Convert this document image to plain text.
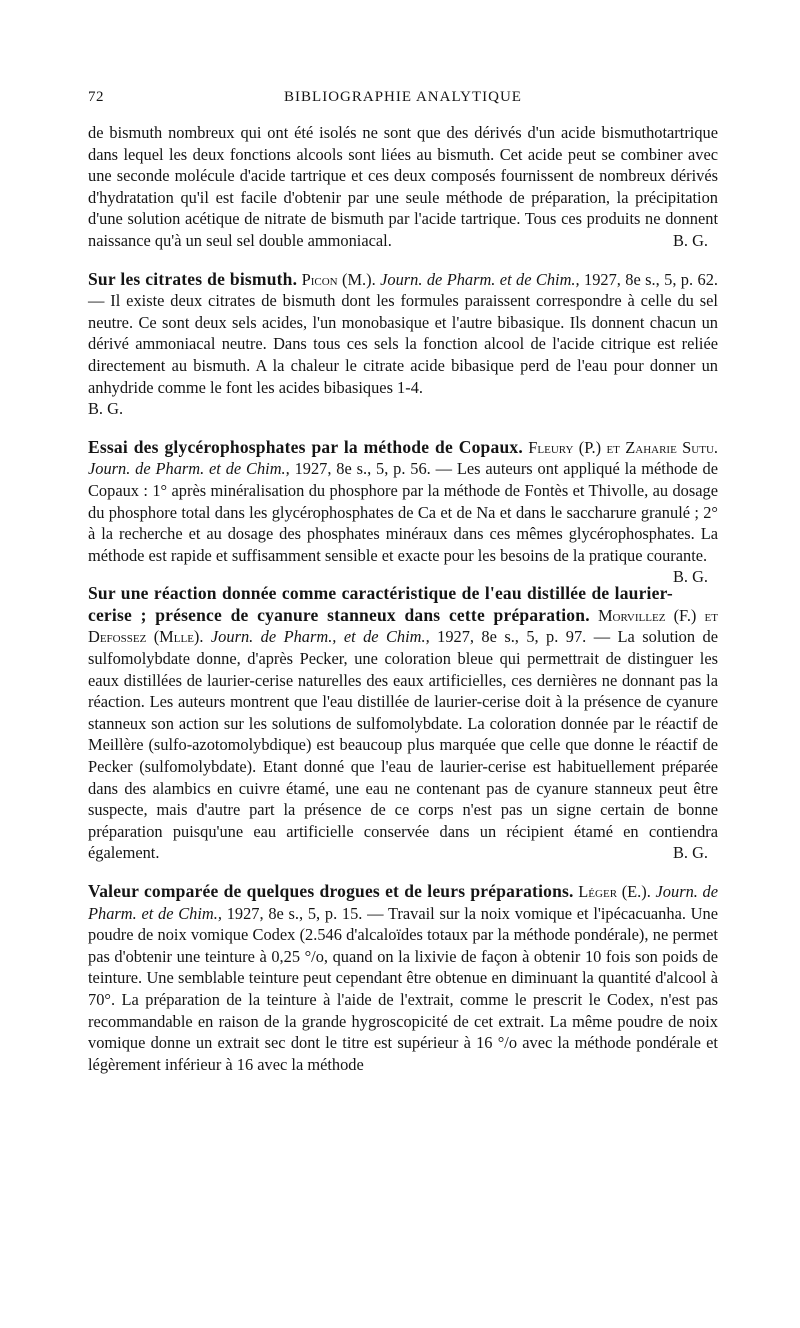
72	BIBLIOGRAPHIE ANALYTIQUE

de bismuth nombreux qui ont été isolés ne sont que des dérivés d'un acide bismuthotartrique dans lequel les deux fonctions alcools sont liées au bismuth. Cet acide peut se combiner avec une seconde molécule d'acide tartrique et ces deux composés fournissent de nombreux dérivés d'hydratation qu'il est facile d'obtenir par une seule méthode de préparation, la précipitation d'une solution acétique de nitrate de bismuth par l'acide tartrique. Tous ces produits ne donnent naissance qu'à un seul sel double ammoniacal.	B. G.

Sur les citrates de bismuth. Picon (M.). Journ. de Pharm. et de Chim., 1927, 8e s., 5, p. 62. — Il existe deux citrates de bismuth dont les formules paraissent correspondre à celle du sel neutre. Ce sont deux sels acides, l'un monobasique et l'autre bibasique. Ils donnent chacun un dérivé ammoniacal neutre. Dans tous ces sels la fonction alcool de l'acide citrique est reliée directement au bismuth. A la chaleur le citrate acide bibasique perd de l'eau pour donner un anhydride comme le font les acides bibasiques 1-4.

B. G.

Essai des glycérophosphates par la méthode de Copaux. Fleury (P.) et Zaharie Sutu. Journ. de Pharm. et de Chim., 1927, 8e s., 5, p. 56. — Les auteurs ont appliqué la méthode de Copaux : 1° après minéralisation du phosphore par la méthode de Fontès et Thivolle, au dosage du phosphore total dans les glycérophosphates de Ca et de Na et dans le saccharure granulé ; 2° à la recherche et au dosage des phosphates minéraux dans ces mêmes glycérophosphates. La méthode est rapide et suffisamment sensible et exacte pour les besoins de la pratique courante.
B. G.

Sur une réaction donnée comme caractéristique de l'eau distillée de laurier-cerise ; présence de cyanure stanneux dans cette préparation. Morvillez (F.) et Defossez (Mlle). Journ. de Pharm., et de Chim., 1927, 8e s., 5, p. 97. — La solution de sulfomolybdate donne, d'après Pecker, une coloration bleue qui permettrait de distinguer les eaux distillées de laurier-cerise naturelles des eaux artificielles, ces dernières ne donnant pas la réaction. Les auteurs montrent que l'eau distillée de laurier-cerise doit à la présence de cyanure stanneux son action sur les solutions de sulfomolybdate. La coloration donnée par le réactif de Meillère (sulfo-azotomolybdique) est beaucoup plus marquée que celle que donne le réactif de Pecker (sulfomolybdate). Etant donné que l'eau de laurier-cerise est habituellement préparée dans des alambics en cuivre étamé, une eau ne contenant pas de cyanure stanneux peut être suspecte, mais d'autre part la présence de ce corps n'est pas un signe certain de bonne préparation puisqu'une eau artificielle conservée dans un récipient étamé en contiendra également.	B. G.

Valeur comparée de quelques drogues et de leurs préparations. Léger (E.). Journ. de Pharm. et de Chim., 1927, 8e s., 5, p. 15. — Travail sur la noix vomique et l'ipécacuanha. Une poudre de noix vomique Codex (2.546 d'alcaloïdes totaux par la méthode pondérale), ne permet pas d'obtenir une teinture à 0,25 °/o, quand on la lixivie de façon à obtenir 10 fois son poids de teinture. Une semblable teinture peut cependant être obtenue en diminuant la quantité d'alcool à 70°. La préparation de la teinture à l'aide de l'extrait, comme le prescrit le Codex, n'est pas recommandable en raison de la grande hygroscopicité de cet extrait. La même poudre de noix vomique donne un extrait sec dont le titre est supérieur à 16 °/o avec la méthode pondérale et légèrement inférieur à 16 avec la méthode
